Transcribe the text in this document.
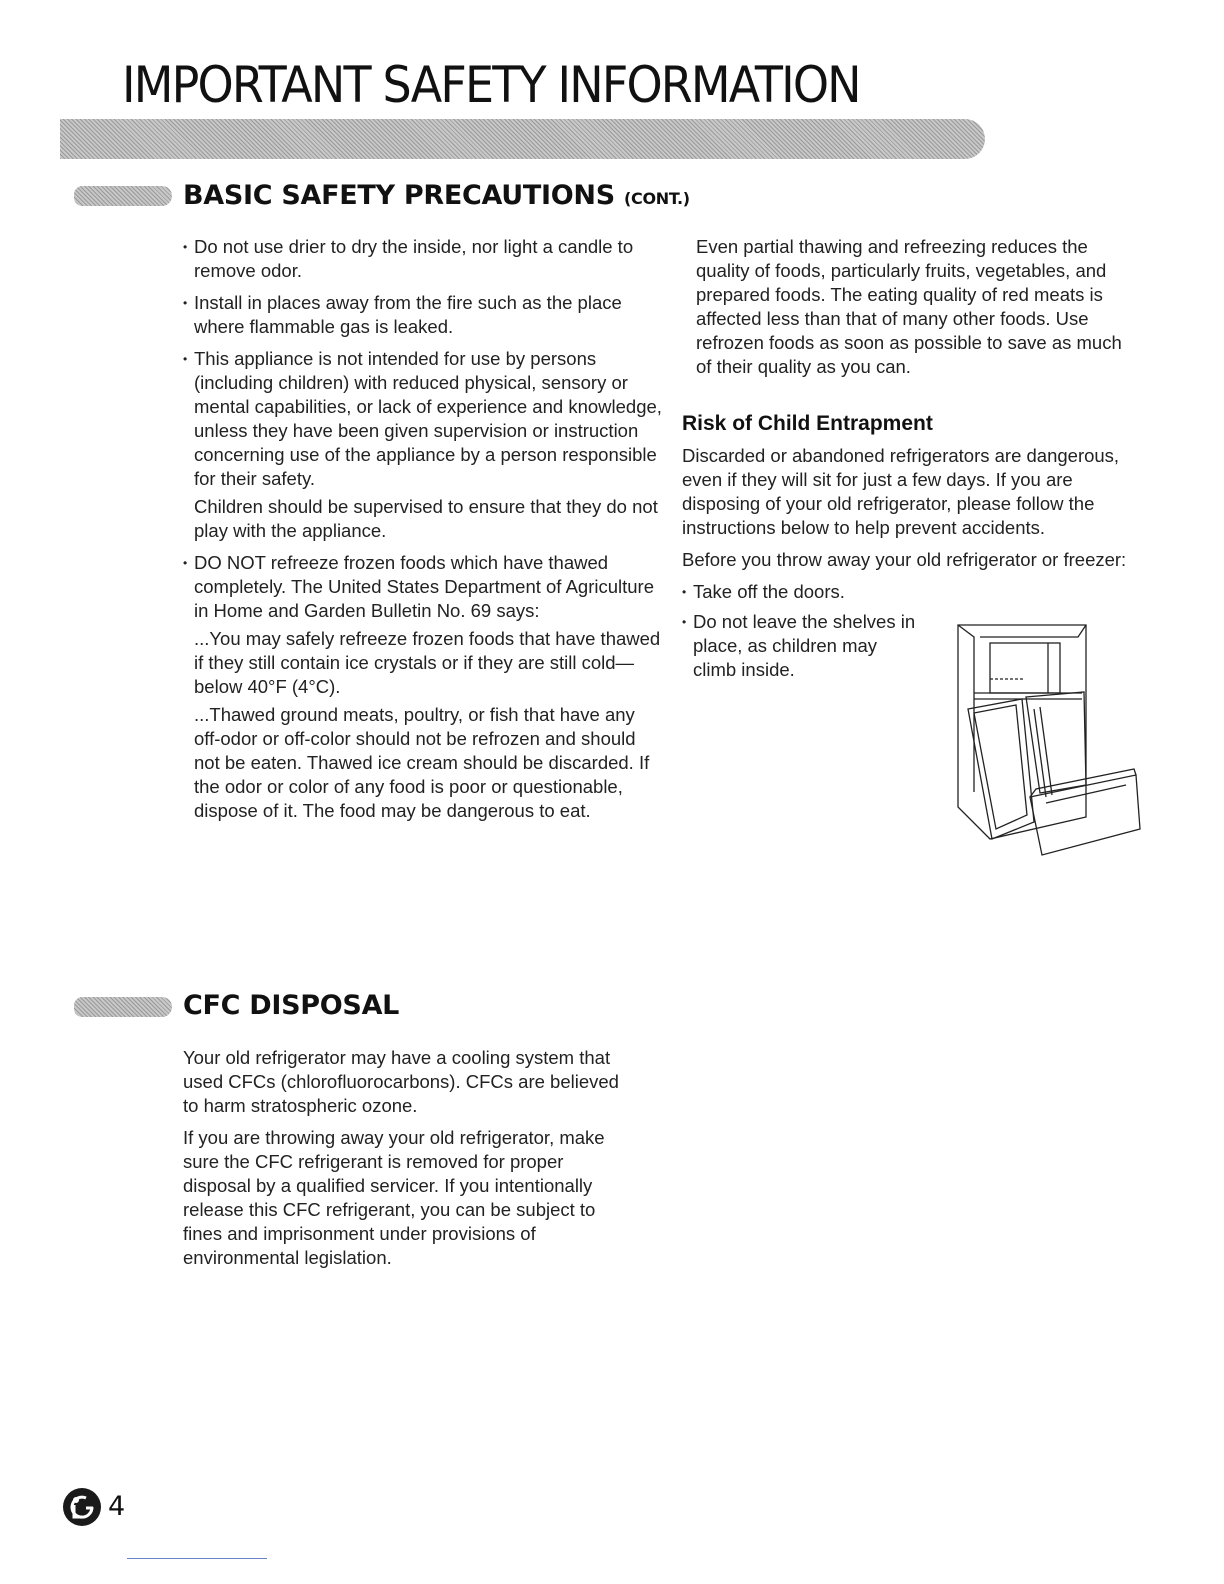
IMPORTANT SAFETY INFORMATION
BASIC SAFETY PRECAUTIONS (CONT.)

• Do not use drier to dry the inside, nor light a candle to remove odor.

• Install in places away from the fire such as the place where flammable gas is leaked.

• This appliance is not intended for use by persons (including children) with reduced physical, sensory or mental capabilities, or lack of experience and knowledge, unless they have been given supervision or instruction concerning use of the appliance by a person responsible for their safety.

Children should be supervised to ensure that they do not play with the appliance.

• DO NOT refreeze frozen foods which have thawed completely. The United States Department of Agriculture in Home and Garden Bulletin No. 69 says:

...You may safely refreeze frozen foods that have thawed if they still contain ice crystals or if they are still cold—below 40°F (4°C).

...Thawed ground meats, poultry, or fish that have any off-odor or off-color should not be refrozen and should not be eaten. Thawed ice cream should be discarded. If the odor or color of any food is poor or questionable, dispose of it. The food may be dangerous to eat.

Even partial thawing and refreezing reduces the quality of foods, particularly fruits, vegetables, and prepared foods. The eating quality of red meats is affected less than that of many other foods. Use refrozen foods as soon as possible to save as much of their quality as you can.

Risk of Child Entrapment

Discarded or abandoned refrigerators are dangerous, even if they will sit for just a few days. If you are disposing of your old refrigerator, please follow the instructions below to help prevent accidents.

Before you throw away your old refrigerator or freezer:

• Take off the doors.

• Do not leave the shelves in place, as children may climb inside.

CFC DISPOSAL

Your old refrigerator may have a cooling system that used CFCs (chlorofluorocarbons). CFCs are believed to harm stratospheric ozone.

If you are throwing away your old refrigerator, make sure the CFC refrigerant is removed for proper disposal by a qualified servicer. If you intentionally release this CFC refrigerant, you can be subject to fines and imprisonment under provisions of environmental legislation.

4
